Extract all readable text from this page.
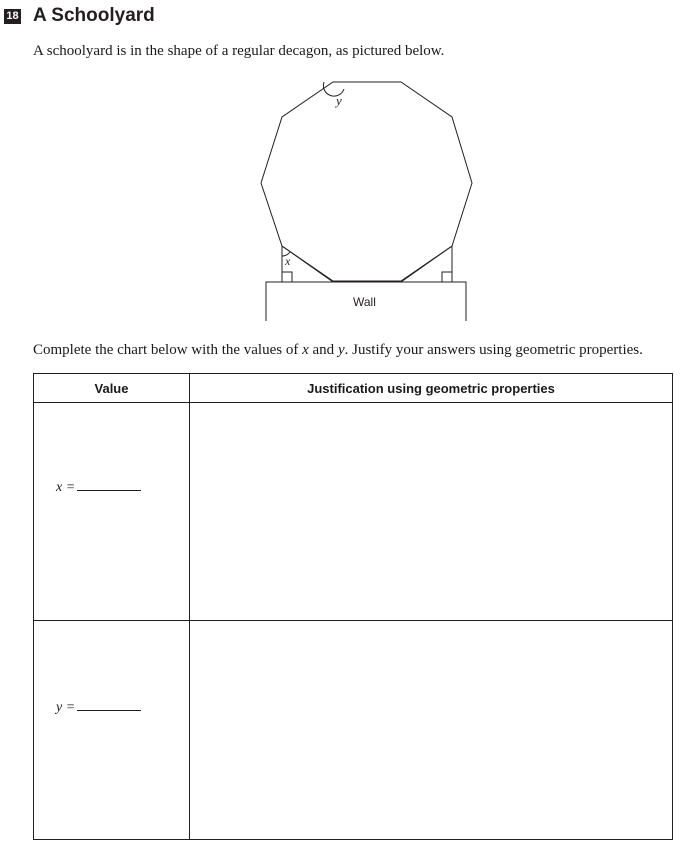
18 A Schoolyard
A schoolyard is in the shape of a regular decagon, as pictured below.
y
x
Wall
Complete the chart below with the values of x and y. Justify your answers using geometric properties.
Value	Justification using geometric properties
x =
y =
